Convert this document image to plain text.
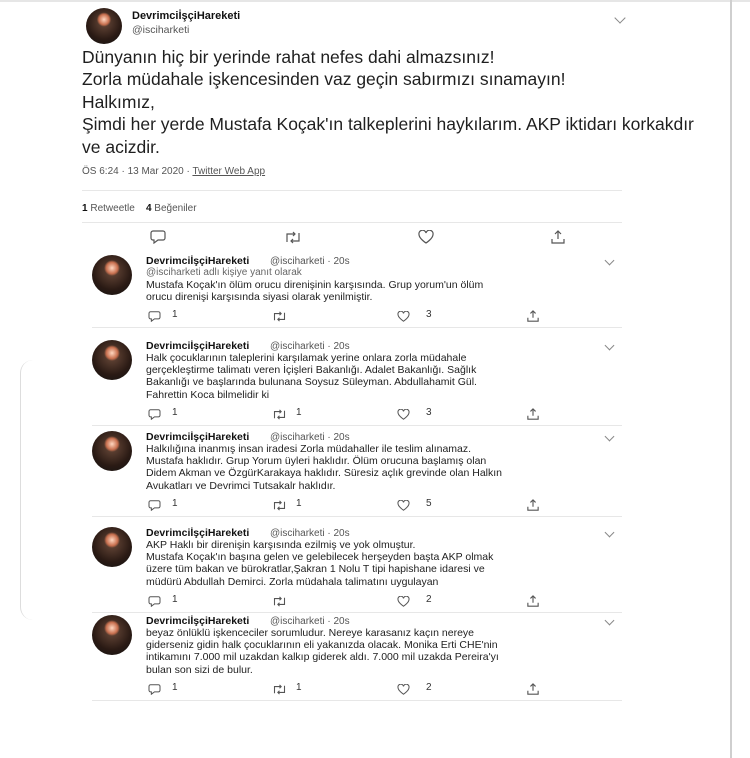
DevrimciİşçiHareketi
@isciharketi
Dünyanın hiç bir yerinde rahat nefes dahi almazsınız!
Zorla müdahale işkencesinden vaz geçin sabırmızı sınamayın!
Halkımız,
Şimdi her yerde Mustafa Koçak'ın talkeplerini haykılarım. AKP iktidarı korkakdır ve acizdir.
ÖS 6:24 · 13 Mar 2020 · Twitter Web App
1 Retweetle 4 Beğeniler
DevrimciİşçiHareketi @isciharketi · 20s
@isciharketi adlı kişiye yanıt olarak
Mustafa Koçak'ın ölüm orucu direnişinin karşısında. Grup yorum'un ölüm
orucu direnişi karşısında siyasi olarak yenilmiştir.
1	3
DevrimciİşçiHareketi @isciharketi · 20s
Halk çocuklarının taleplerini karşılamak yerine onlara zorla müdahale
gerçekleştirme talimatı veren İçişleri Bakanlığı. Adalet Bakanlığı. Sağlık
Bakanlığı ve başlarında bulunana Soysuz Süleyman. Abdullahamit Gül.
Fahrettin Koca bilmelidir ki
1	1	3
DevrimciİşçiHareketi @isciharketi · 20s
Halkılığına inanmış insan iradesi Zorla müdahaller ile teslim alınamaz.
Mustafa haklıdır. Grup Yorum üyleri haklıdır. Ölüm orucuna başlamış olan
Didem Akman ve ÖzgürKarakaya haklıdır. Süresiz açlık grevinde olan Halkın
Avukatları ve Devrimci Tutsakalr haklıdır.
1	1	5
DevrimciİşçiHareketi @isciharketi · 20s
AKP Haklı bir direnişin karşısında ezilmiş ve yok olmuştur.
Mustafa Koçak'ın başına gelen ve gelebilecek herşeyden başta AKP olmak
üzere tüm bakan ve bürokratlar,Şakran 1 Nolu T tipi hapishane idaresi ve
müdürü Abdullah Demirci. Zorla müdahala talimatını uygulayan
1	2
DevrimciİşçiHareketi @isciharketi · 20s
beyaz önlüklü işkenceciler sorumludur. Nereye karasanız kaçın nereye
giderseniz gidin halk çocuklarının eli yakanızda olacak. Monika Erti CHE'nin
intikamını 7.000 mil uzakdan kalkıp giderek aldı. 7.000 mil uzakda Pereira'yı
bulan son sizi de bulur.
1	1	2
